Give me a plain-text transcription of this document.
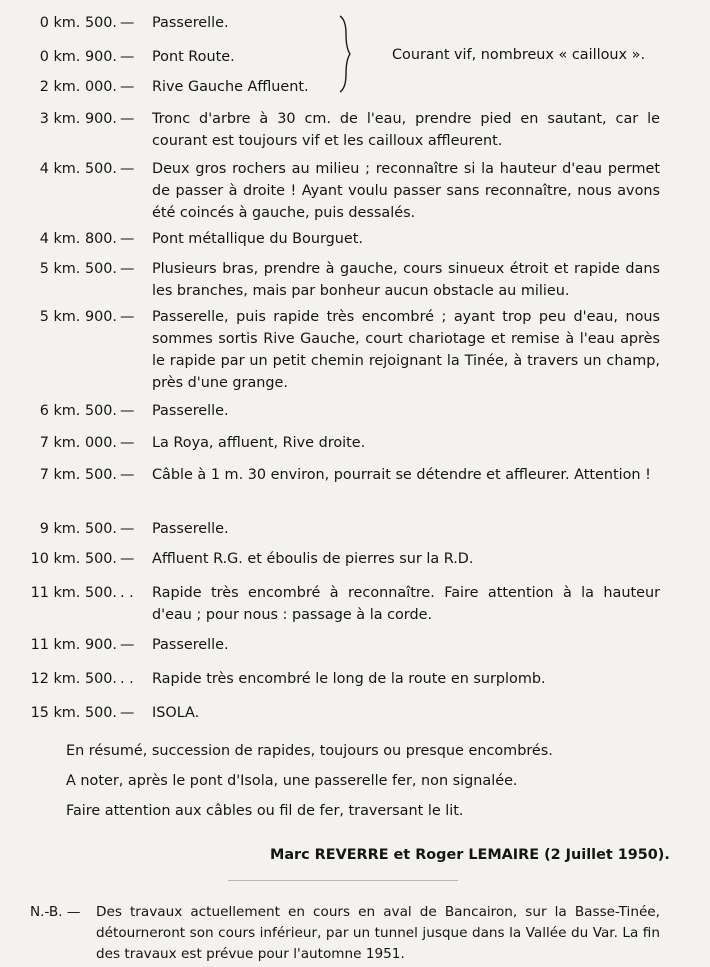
0 km. 500. —	Passerelle.
0 km. 900. —	Pont Route.
2 km. 000. —	Rive Gauche Affluent.
Courant vif, nombreux « cailloux ».
3 km. 900. —	Tronc d'arbre à 30 cm. de l'eau, prendre pied en sautant, car le courant est toujours vif et les cailloux affleurent.
4 km. 500. —	Deux gros rochers au milieu ; reconnaître si la hauteur d'eau permet de passer à droite ! Ayant voulu passer sans reconnaître, nous avons été coincés à gauche, puis dessalés.
4 km. 800. —	Pont métallique du Bourguet.
5 km. 500. —	Plusieurs bras, prendre à gauche, cours sinueux étroit et rapide dans les branches, mais par bonheur aucun obstacle au milieu.
5 km. 900. —	Passerelle, puis rapide très encombré ; ayant trop peu d'eau, nous sommes sortis Rive Gauche, court chariotage et remise à l'eau après le rapide par un petit chemin rejoignant la Tinée, à travers un champ, près d'une grange.
6 km. 500. —	Passerelle.
7 km. 000. —	La Roya, affluent, Rive droite.
7 km. 500. —	Câble à 1 m. 30 environ, pourrait se détendre et affleurer. Attention !
9 km. 500. —	Passerelle.
10 km. 500. —	Affluent R.G. et éboulis de pierres sur la R.D.
11 km. 500. . .	Rapide très encombré à reconnaître. Faire attention à la hauteur d'eau ; pour nous : passage à la corde.
11 km. 900. —	Passerelle.
12 km. 500. . .	Rapide très encombré le long de la route en surplomb.
15 km. 500. —	ISOLA.
En résumé, succession de rapides, toujours ou presque encombrés.
A noter, après le pont d'Isola, une passerelle fer, non signalée.
Faire attention aux câbles ou fil de fer, traversant le lit.
Marc REVERRE et Roger LEMAIRE (2 Juillet 1950).
N.-B. — Des travaux actuellement en cours en aval de Bancairon, sur la Basse-Tinée, détourneront son cours inférieur, par un tunnel jusque dans la Vallée du Var. La fin des travaux est prévue pour l'automne 1951.
